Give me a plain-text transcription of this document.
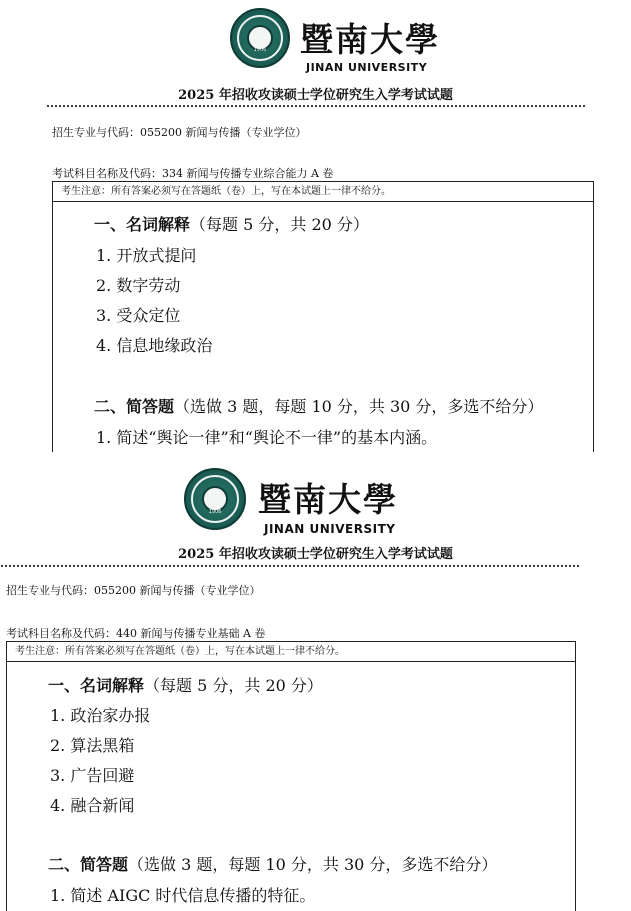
1906	暨南大學
JINAN UNIVERSITY
2025 年招收攻读硕士学位研究生入学考试试题
招生专业与代码：055200 新闻与传播（专业学位）
考试科目名称及代码：334 新闻与传播专业综合能力 A 卷
考生注意：所有答案必须写在答题纸（卷）上，写在本试题上一律不给分。
一、名词解释（每题 5 分，共 20 分）
1. 开放式提问
2. 数字劳动
3. 受众定位
4. 信息地缘政治
二、简答题（选做 3 题，每题 10 分，共 30 分，多选不给分）
1. 简述“舆论一律”和“舆论不一律”的基本内涵。
1906	暨南大學
JINAN UNIVERSITY
2025 年招收攻读硕士学位研究生入学考试试题
招生专业与代码：055200 新闻与传播（专业学位）
考试科目名称及代码：440 新闻与传播专业基础 A 卷
考生注意：所有答案必须写在答题纸（卷）上，写在本试题上一律不给分。
一、名词解释（每题 5 分，共 20 分）
1. 政治家办报
2. 算法黑箱
3. 广告回避
4. 融合新闻
二、简答题（选做 3 题，每题 10 分，共 30 分，多选不给分）
1. 简述 AIGC 时代信息传播的特征。
